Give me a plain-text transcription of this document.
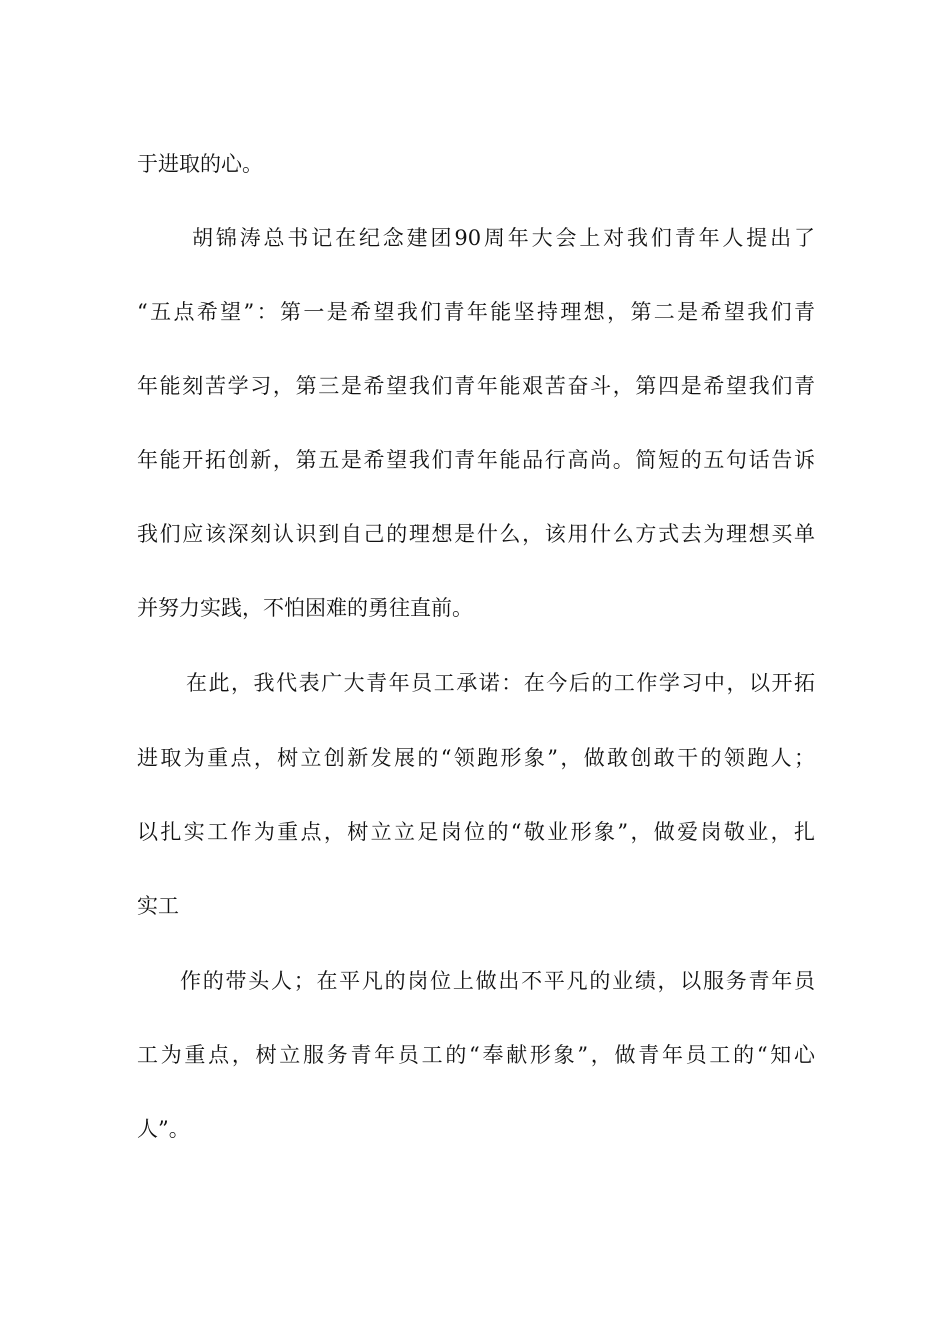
于进取的心。
胡锦涛总书记在纪念建团90周年大会上对我们青年人提出了
“五点希望”：第一是希望我们青年能坚持理想，第二是希望我们青
年能刻苦学习，第三是希望我们青年能艰苦奋斗，第四是希望我们青
年能开拓创新，第五是希望我们青年能品行高尚。简短的五句话告诉
我们应该深刻认识到自己的理想是什么，该用什么方式去为理想买单
并努力实践，不怕困难的勇往直前。
在此，我代表广大青年员工承诺：在今后的工作学习中，以开拓
进取为重点，树立创新发展的“领跑形象”，做敢创敢干的领跑人；
以扎实工作为重点，树立立足岗位的“敬业形象”，做爱岗敬业，扎
实工
作的带头人；在平凡的岗位上做出不平凡的业绩，以服务青年员
工为重点，树立服务青年员工的“奉献形象”，做青年员工的“知心
人”。
